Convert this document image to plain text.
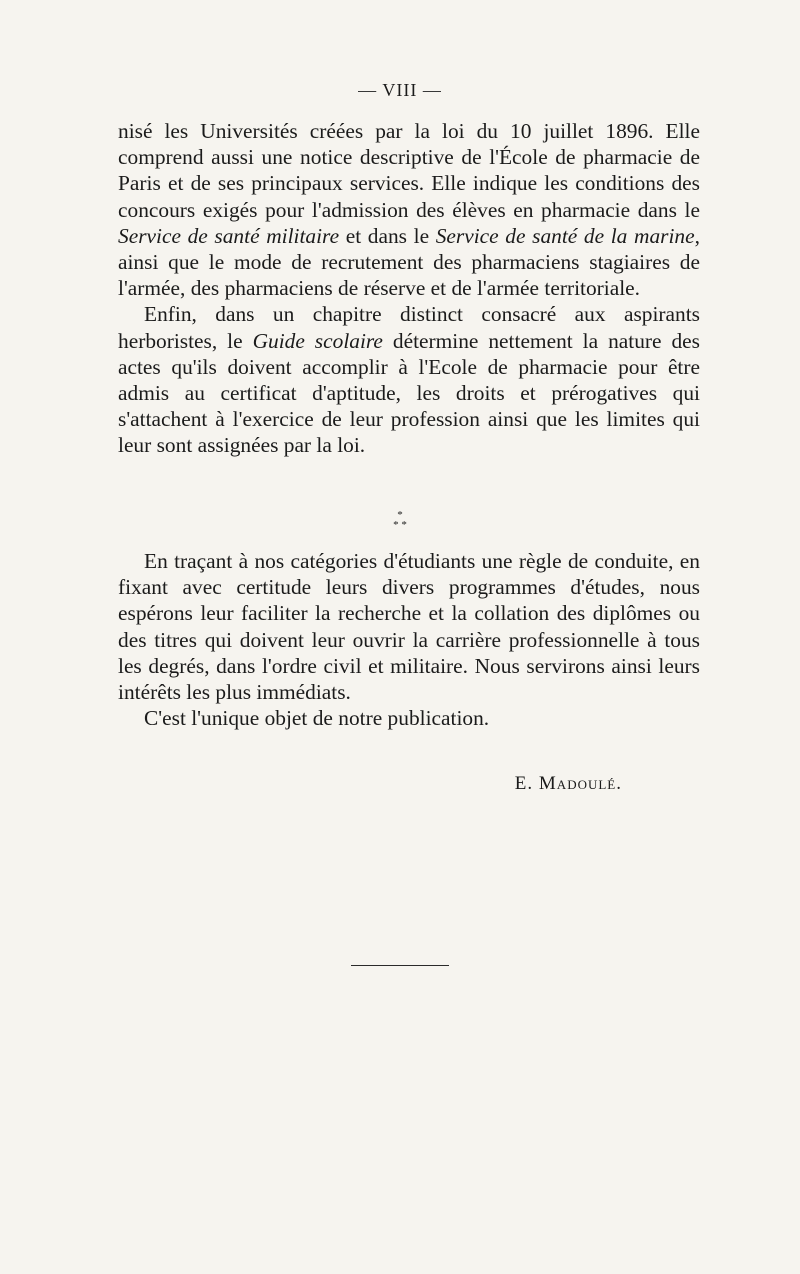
— VIII —

nisé les Universités créées par la loi du 10 juillet 1896. Elle comprend aussi une notice descriptive de l'École de pharmacie de Paris et de ses principaux services. Elle indique les conditions des concours exigés pour l'admission des élèves en pharmacie dans le Service de santé militaire et dans le Service de santé de la marine, ainsi que le mode de recrutement des pharmaciens stagiaires de l'armée, des pharmaciens de réserve et de l'armée territoriale.

Enfin, dans un chapitre distinct consacré aux aspirants herboristes, le Guide scolaire détermine nettement la nature des actes qu'ils doivent accomplir à l'Ecole de pharmacie pour être admis au certificat d'aptitude, les droits et prérogatives qui s'attachent à l'exercice de leur profession ainsi que les limites qui leur sont assignées par la loi.

*
* *

En traçant à nos catégories d'étudiants une règle de conduite, en fixant avec certitude leurs divers programmes d'études, nous espérons leur faciliter la recherche et la collation des diplômes ou des titres qui doivent leur ouvrir la carrière professionnelle à tous les degrés, dans l'ordre civil et militaire. Nous servirons ainsi leurs intérêts les plus immédiats.

C'est l'unique objet de notre publication.

E. Madoulé.
